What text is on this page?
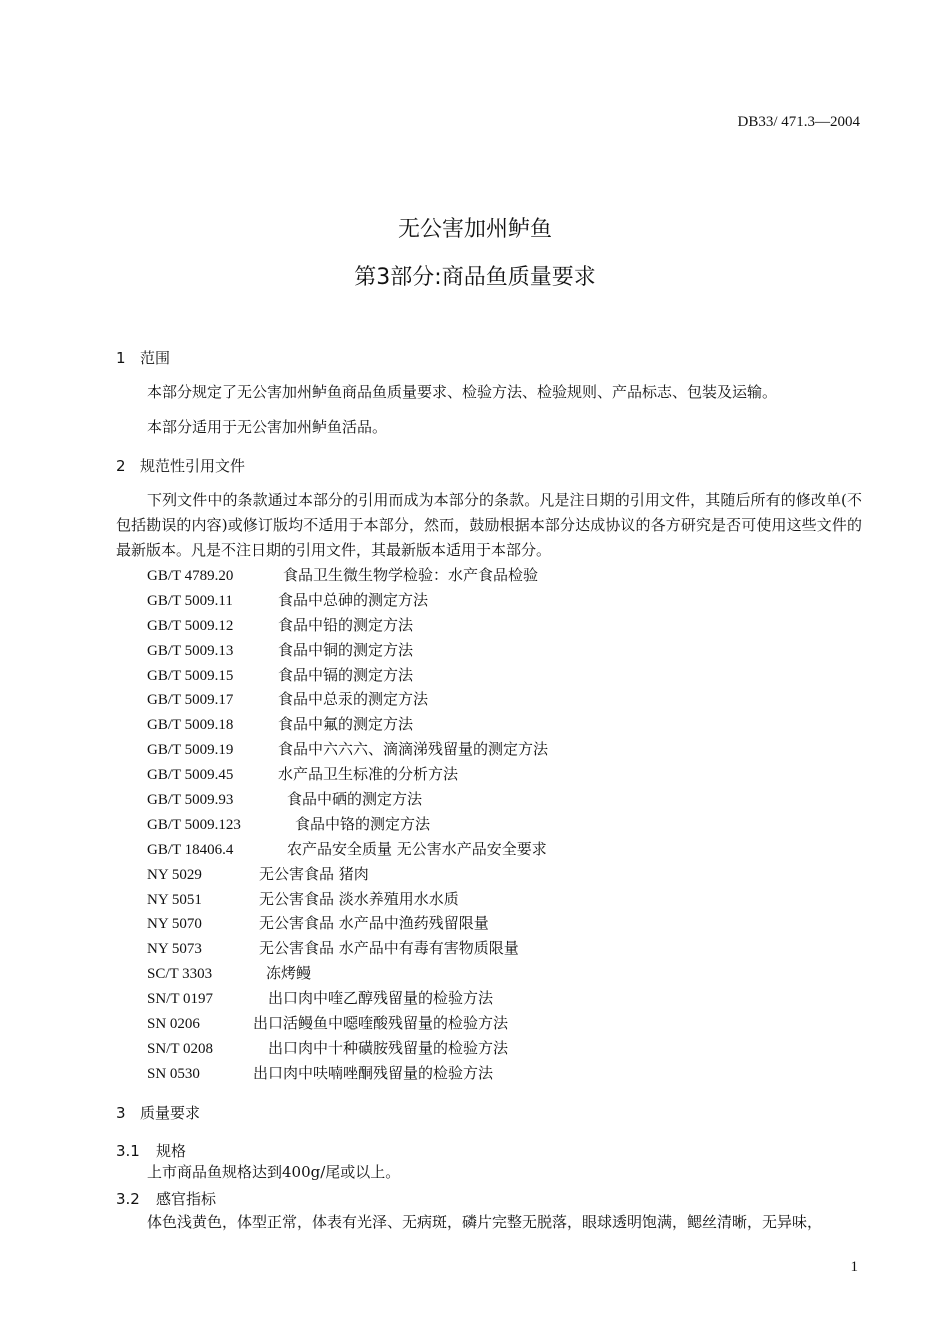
DB33/ 471.3—2004
无公害加州鲈鱼
第3部分:商品鱼质量要求
1 范围
本部分规定了无公害加州鲈鱼商品鱼质量要求、检验方法、检验规则、产品标志、包装及运输。
本部分适用于无公害加州鲈鱼活品。
2 规范性引用文件
下列文件中的条款通过本部分的引用而成为本部分的条款。凡是注日期的引用文件，其随后所有的修改单(不包括勘误的内容)或修订版均不适用于本部分，然而，鼓励根据本部分达成协议的各方研究是否可使用这些文件的最新版本。凡是不注日期的引用文件，其最新版本适用于本部分。
GB/T 4789.20	食品卫生微生物学检验：水产食品检验
GB/T 5009.11	食品中总砷的测定方法
GB/T 5009.12	食品中铅的测定方法
GB/T 5009.13	食品中铜的测定方法
GB/T 5009.15	食品中镉的测定方法
GB/T 5009.17	食品中总汞的测定方法
GB/T 5009.18	食品中氟的测定方法
GB/T 5009.19	食品中六六六、滴滴涕残留量的测定方法
GB/T 5009.45	水产品卫生标准的分析方法
GB/T 5009.93	食品中硒的测定方法
GB/T 5009.123	食品中铬的测定方法
GB/T 18406.4	农产品安全质量 无公害水产品安全要求
NY 5029	无公害食品 猪肉
NY 5051	无公害食品 淡水养殖用水水质
NY 5070	无公害食品 水产品中渔药残留限量
NY 5073	无公害食品 水产品中有毒有害物质限量
SC/T 3303	冻烤鳗
SN/T 0197	出口肉中喹乙醇残留量的检验方法
SN 0206	出口活鳗鱼中噁喹酸残留量的检验方法
SN/T 0208	出口肉中十种磺胺残留量的检验方法
SN 0530	出口肉中呋喃唑酮残留量的检验方法
3 质量要求
3.1 规格
上市商品鱼规格达到400g/尾或以上。
3.2 感官指标
体色浅黄色，体型正常，体表有光泽、无病斑，磷片完整无脱落，眼球透明饱满，鳃丝清晰，无异味，
1
